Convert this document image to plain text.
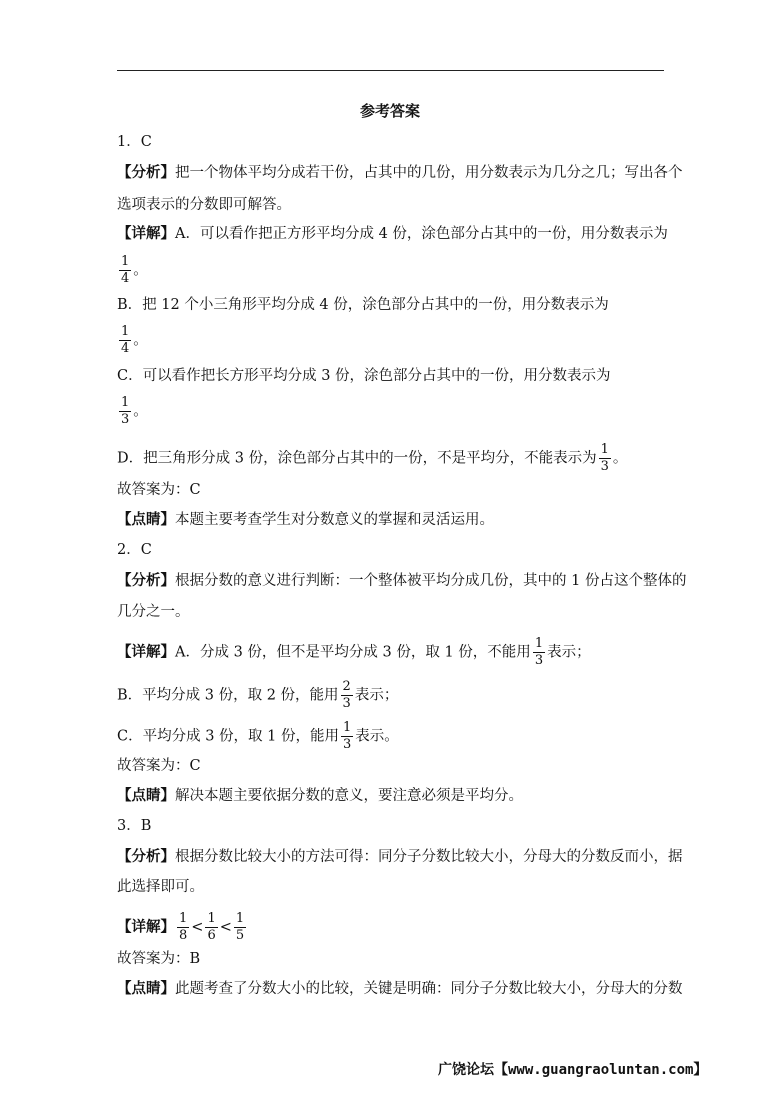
参考答案
1．C
【分析】把一个物体平均分成若干份，占其中的几份，用分数表示为几分之几；写出各个
选项表示的分数即可解答。
【详解】A．可以看作把正方形平均分成 4 份，涂色部分占其中的一份，用分数表示为
$\frac{1}{4}$ 。
B．把 12 个小三角形平均分成 4 份，涂色部分占其中的一份，用分数表示为
$\frac{1}{4}$ 。
C．可以看作把长方形平均分成 3 份，涂色部分占其中的一份，用分数表示为
$\frac{1}{3}$ 。
D．把三角形分成 3 份，涂色部分占其中的一份，不是平均分，不能表示为 $\frac{1}{3}$ 。
故答案为：C
【点睛】本题主要考查学生对分数意义的掌握和灵活运用。
2．C
【分析】根据分数的意义进行判断：一个整体被平均分成几份，其中的 1 份占这个整体的
几分之一。
【详解】A．分成 3 份，但不是平均分成 3 份，取 1 份，不能用 $\frac{1}{3}$ 表示；
B．平均分成 3 份，取 2 份，能用 $\frac{2}{3}$ 表示；
C．平均分成 3 份，取 1 份，能用 $\frac{1}{3}$ 表示。
故答案为：C
【点睛】解决本题主要依据分数的意义，要注意必须是平均分。
3．B
【分析】根据分数比较大小的方法可得：同分子分数比较大小，分母大的分数反而小，据
此选择即可。
【详解】 $\frac{1}{8} < \frac{1}{6} < \frac{1}{5}$
故答案为：B
【点睛】此题考查了分数大小的比较，关键是明确：同分子分数比较大小，分母大的分数
广饶论坛【www.guangraoluntan.com】
